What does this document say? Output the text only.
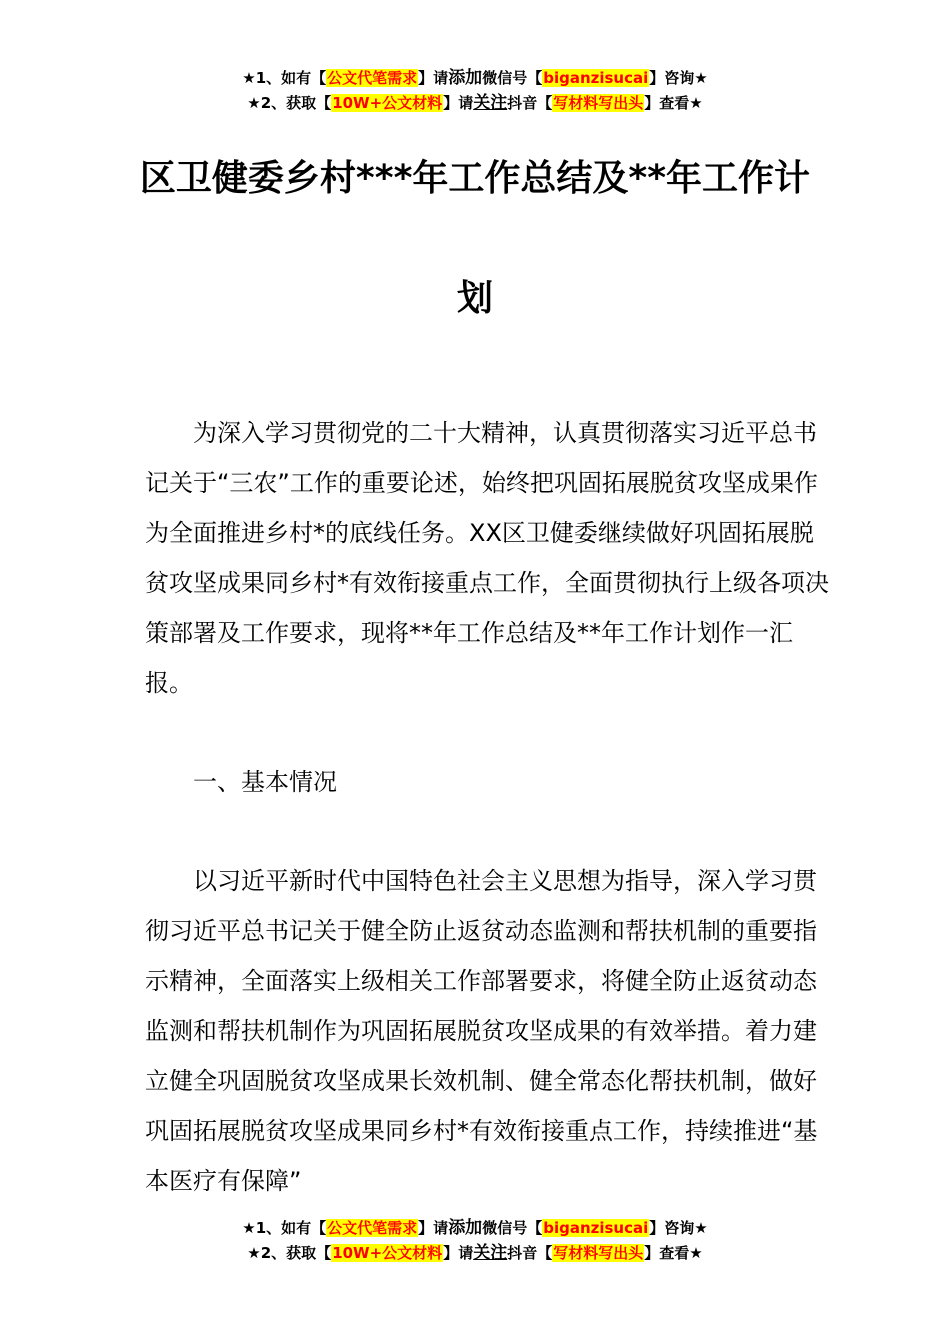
★1、如有【公文代笔需求】请添加微信号【biganzisucai】咨询★
★2、获取【10W+公文材料】请关注抖音【写材料写出头】查看★
区卫健委乡村***年工作总结及**年工作计
划

为深入学习贯彻党的二十大精神，认真贯彻落实习近平总书记关于“三农”工作的重要论述，始终把巩固拓展脱贫攻坚成果作为全面推进乡村*的底线任务。XX区卫健委继续做好巩固拓展脱贫攻坚成果同乡村*有效衔接重点工作，全面贯彻执行上级各项决策部署及工作要求，现将**年工作总结及**年工作计划作一汇报。

一、基本情况

以习近平新时代中国特色社会主义思想为指导，深入学习贯彻习近平总书记关于健全防止返贫动态监测和帮扶机制的重要指示精神，全面落实上级相关工作部署要求，将健全防止返贫动态监测和帮扶机制作为巩固拓展脱贫攻坚成果的有效举措。着力建立健全巩固脱贫攻坚成果长效机制、健全常态化帮扶机制，做好巩固拓展脱贫攻坚成果同乡村*有效衔接重点工作，持续推进“基本医疗有保障”

★1、如有【公文代笔需求】请添加微信号【biganzisucai】咨询★
★2、获取【10W+公文材料】请关注抖音【写材料写出头】查看★
